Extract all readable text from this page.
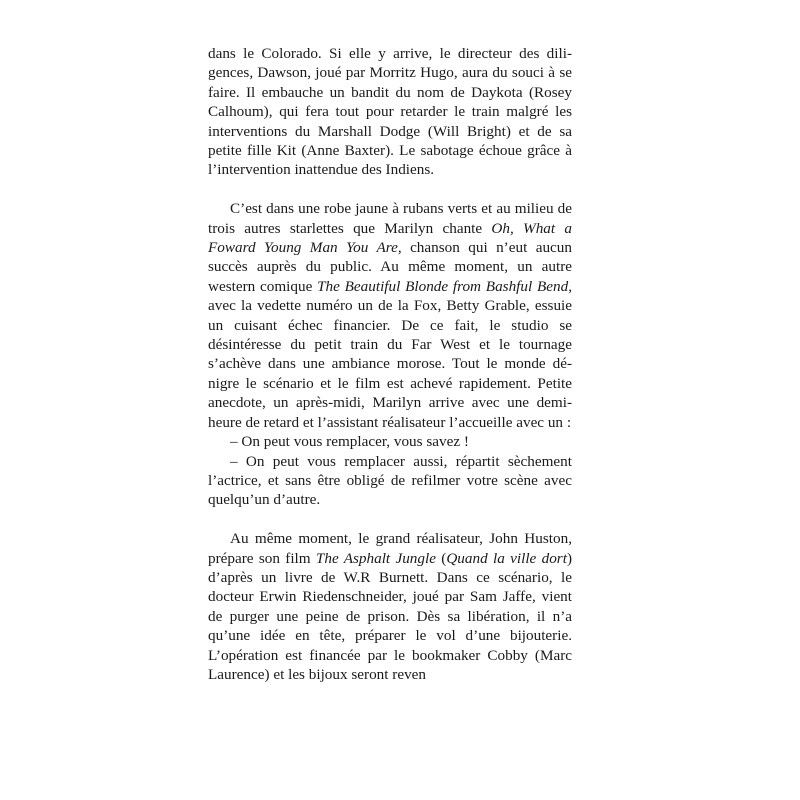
dans le Colorado. Si elle y arrive, le directeur des diligences, Dawson, joué par Morritz Hugo, aura du souci à se faire. Il embauche un bandit du nom de Daykota (Rosey Calhoum), qui fera tout pour retarder le train malgré les interventions du Marshall Dodge (Will Bright) et de sa petite fille Kit (Anne Baxter). Le sabotage échoue grâce à l’intervention inattendue des Indiens.

C’est dans une robe jaune à rubans verts et au milieu de trois autres starlettes que Marilyn chante Oh, What a Foward Young Man You Are, chanson qui n’eut aucun succès auprès du public. Au même moment, un autre western comique The Beautiful Blonde from Bashful Bend, avec la vedette numéro un de la Fox, Betty Grable, essuie un cuisant échec financier. De ce fait, le studio se désintéresse du petit train du Far West et le tournage s’achève dans une ambiance morose. Tout le monde dénigre le scénario et le film est achevé rapidement. Petite anecdote, un après-midi, Marilyn arrive avec une demi-heure de retard et l’assistant réalisateur l’accueille avec un :

– On peut vous remplacer, vous savez !

– On peut vous remplacer aussi, répartit sèchement l’actrice, et sans être obligé de refilmer votre scène avec quelqu’un d’autre.

Au même moment, le grand réalisateur, John Huston, prépare son film The Asphalt Jungle (Quand la ville dort) d’après un livre de W.R Burnett. Dans ce scénario, le docteur Erwin Riedenschneider, joué par Sam Jaffe, vient de purger une peine de prison. Dès sa libération, il n’a qu’une idée en tête, préparer le vol d’une bijouterie. L’opération est financée par le bookmaker Cobby (Marc Laurence) et les bijoux seront reven
